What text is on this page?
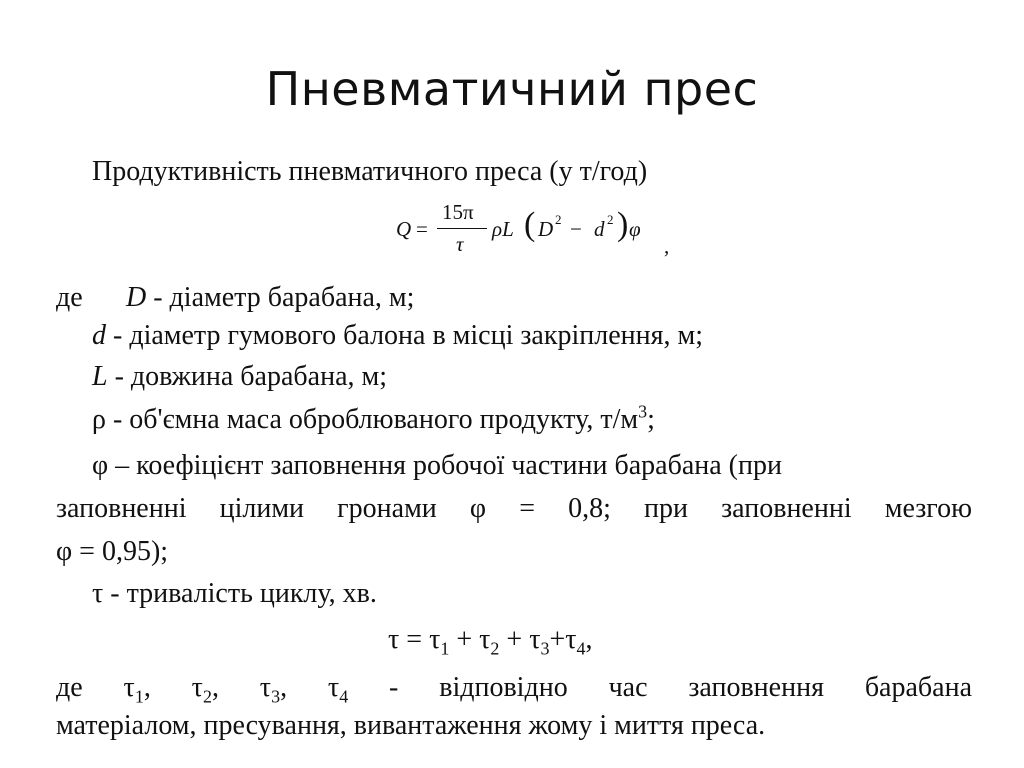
Пневматичний прес
Продуктивність пневматичного преса (у т/год)
Q =
15π
τ
ρL ( D 2 − d 2 ) φ
,
де D - діаметр барабана, м;
d - діаметр гумового балона в місці закріплення, м;
L - довжина барабана, м;
ρ - об'ємна маса оброблюваного продукту, $т/м^3$;
φ – коефіцієнт заповнення робочої частини барабана (при
заповненні цілими гронами φ = 0,8; при заповненні мезгою
φ = 0,95);
τ - тривалість циклу, хв.
$\tau = \tau_1 + \tau_2 + \tau_3+\tau_4$,
де $\tau_1$, $\tau_2$, $\tau_3$, $\tau_4$ - відповідно час заповнення барабана
матеріалом, пресування, вивантаження жому і миття преса.
